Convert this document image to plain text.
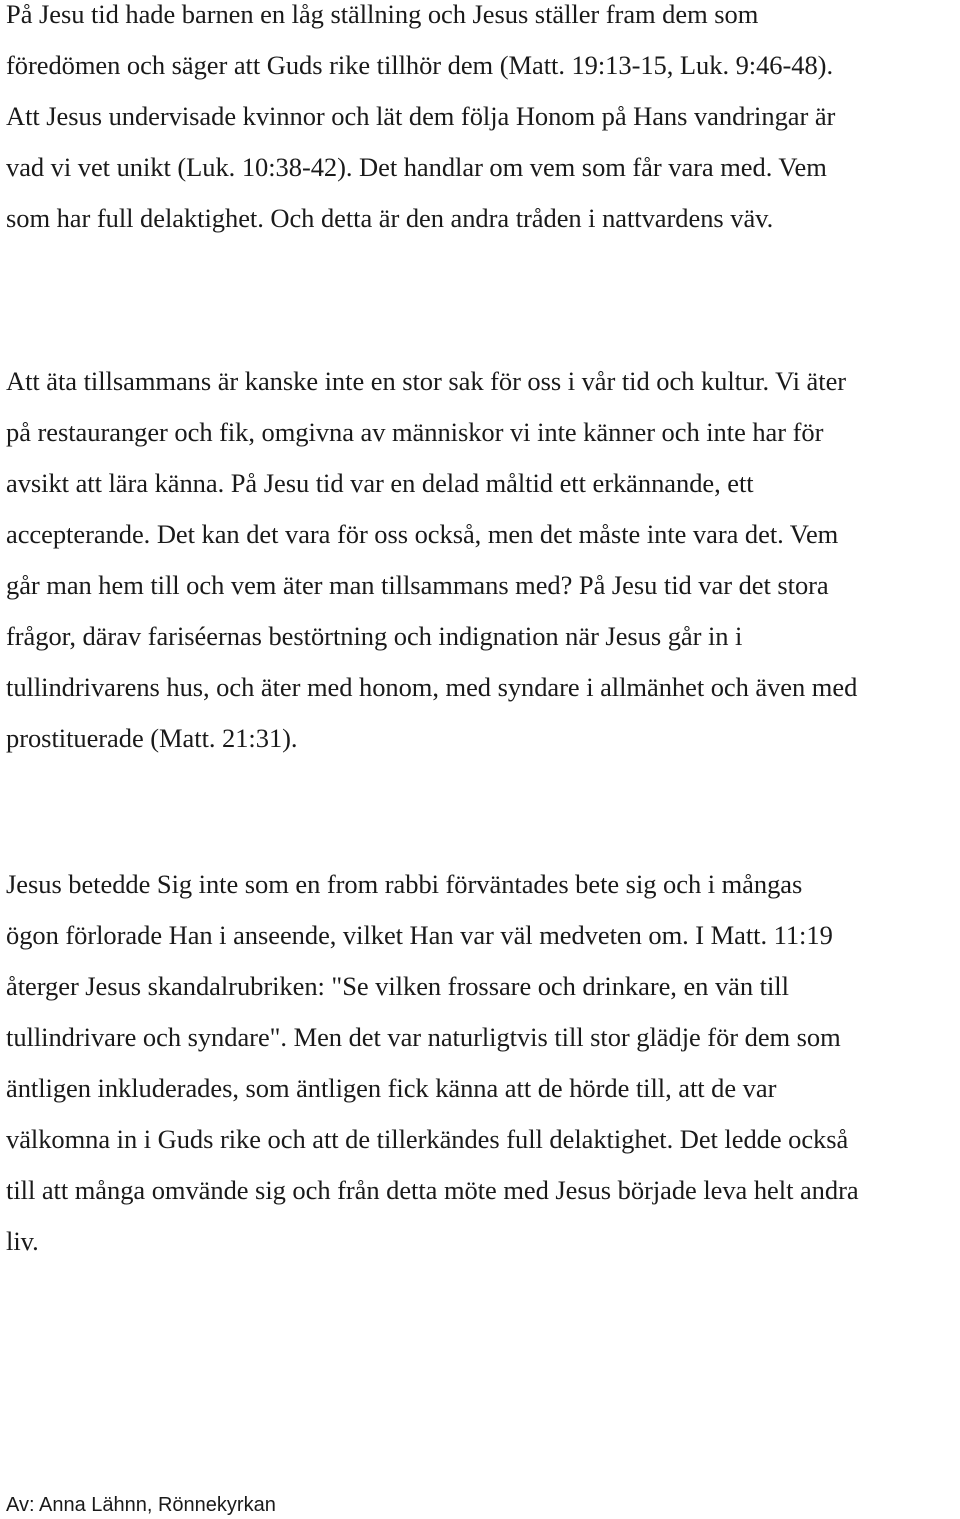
På Jesu tid hade barnen en låg ställning och Jesus ställer fram dem som
föredömen och säger att Guds rike tillhör dem (Matt. 19:13-15, Luk. 9:46-48).
Att Jesus undervisade kvinnor och lät dem följa Honom på Hans vandringar är
vad vi vet unikt (Luk. 10:38-42). Det handlar om vem som får vara med. Vem
som har full delaktighet. Och detta är den andra tråden i nattvardens väv.
Att äta tillsammans är kanske inte en stor sak för oss i vår tid och kultur. Vi äter
på restauranger och fik, omgivna av människor vi inte känner och inte har för
avsikt att lära känna. På Jesu tid var en delad måltid ett erkännande, ett
accepterande. Det kan det vara för oss också, men det måste inte vara det. Vem
går man hem till och vem äter man tillsammans med? På Jesu tid var det stora
frågor, därav fariséernas bestörtning och indignation när Jesus går in i
tullindrivarens hus, och äter med honom, med syndare i allmänhet och även med
prostituerade (Matt. 21:31).
Jesus betedde Sig inte som en from rabbi förväntades bete sig och i mångas
ögon förlorade Han i anseende, vilket Han var väl medveten om. I Matt. 11:19
återger Jesus skandalrubriken: "Se vilken frossare och drinkare, en vän till
tullindrivare och syndare". Men det var naturligtvis till stor glädje för dem som
äntligen inkluderades, som äntligen fick känna att de hörde till, att de var
välkomna in i Guds rike och att de tillerkändes full delaktighet. Det ledde också
till att många omvände sig och från detta möte med Jesus började leva helt andra
liv.
Av: Anna Lähnn, Rönnekyrkan
